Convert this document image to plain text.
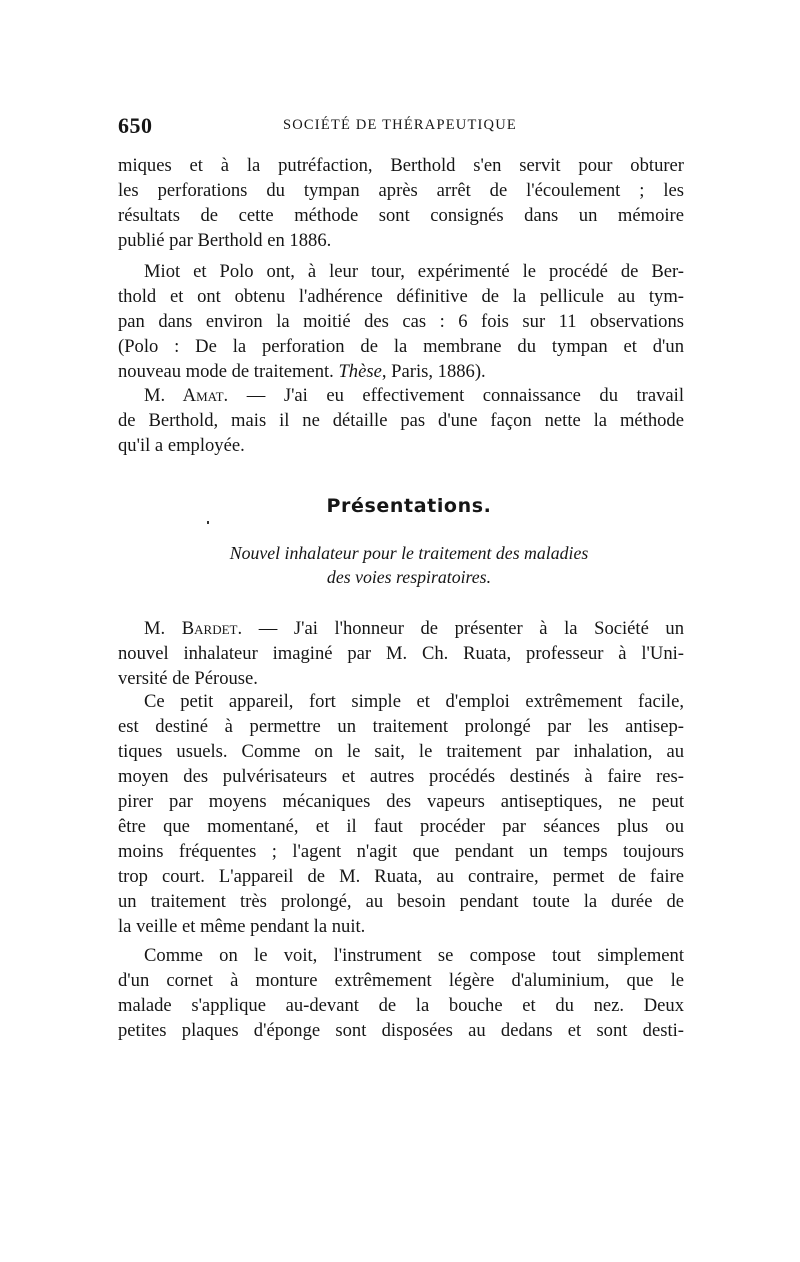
650	SOCIÉTÉ DE THÉRAPEUTIQUE
miques et à la putréfaction, Berthold s'en servit pour obturer
les perforations du tympan après arrêt de l'écoulement ; les
résultats de cette méthode sont consignés dans un mémoire
publié par Berthold en 1886.
Miot et Polo ont, à leur tour, expérimenté le procédé de Ber-
thold et ont obtenu l'adhérence définitive de la pellicule au tym-
pan dans environ la moitié des cas : 6 fois sur 11 observations
(Polo : De la perforation de la membrane du tympan et d'un
nouveau mode de traitement. Thèse, Paris, 1886).
M. Amat. — J'ai eu effectivement connaissance du travail
de Berthold, mais il ne détaille pas d'une façon nette la méthode
qu'il a employée.
Présentations.
Nouvel inhalateur pour le traitement des maladies
des voies respiratoires.
M. Bardet. — J'ai l'honneur de présenter à la Société un
nouvel inhalateur imaginé par M. Ch. Ruata, professeur à l'Uni-
versité de Pérouse.
Ce petit appareil, fort simple et d'emploi extrêmement facile,
est destiné à permettre un traitement prolongé par les antisep-
tiques usuels. Comme on le sait, le traitement par inhalation, au
moyen des pulvérisateurs et autres procédés destinés à faire res-
pirer par moyens mécaniques des vapeurs antiseptiques, ne peut
être que momentané, et il faut procéder par séances plus ou
moins fréquentes ; l'agent n'agit que pendant un temps toujours
trop court. L'appareil de M. Ruata, au contraire, permet de faire
un traitement très prolongé, au besoin pendant toute la durée de
la veille et même pendant la nuit.
Comme on le voit, l'instrument se compose tout simplement
d'un cornet à monture extrêmement légère d'aluminium, que le
malade s'applique au-devant de la bouche et du nez. Deux
petites plaques d'éponge sont disposées au dedans et sont desti-
